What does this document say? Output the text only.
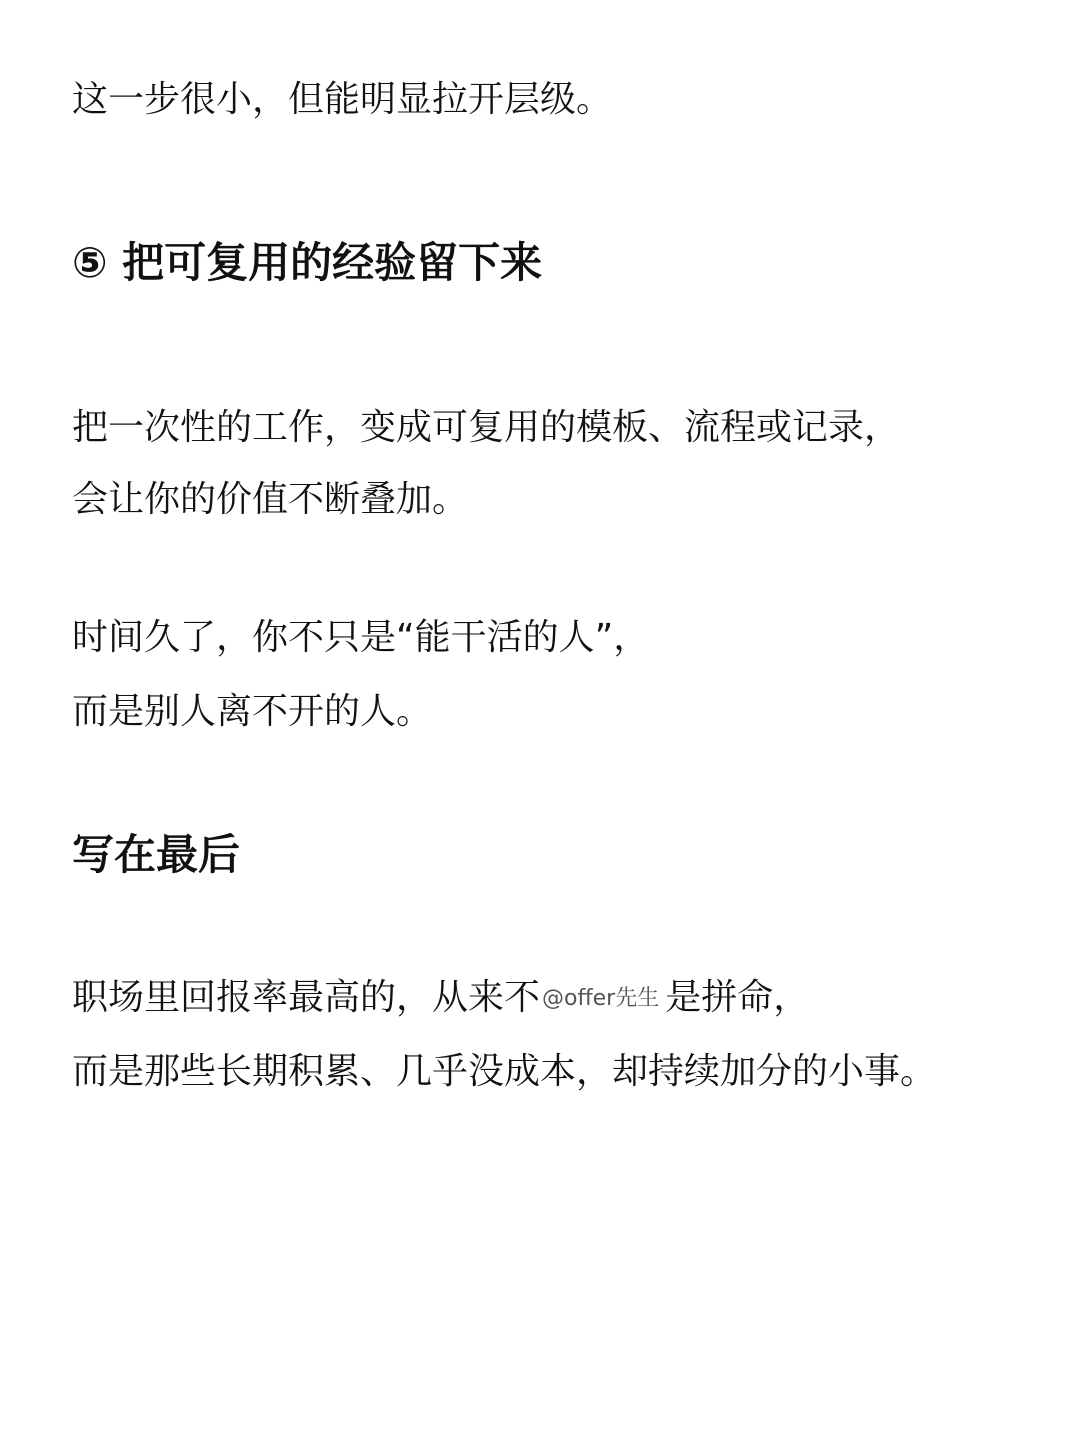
这一步很小，但能明显拉开层级。
⑤ 把可复用的经验留下来
把一次性的工作，变成可复用的模板、流程或记录，
会让你的价值不断叠加。
时间久了，你不只是“能干活的人”，
而是别人离不开的人。
写在最后
职场里回报率最高的，从来不@offer先生 是拼命，
而是那些长期积累、几乎没成本，却持续加分的小事。
